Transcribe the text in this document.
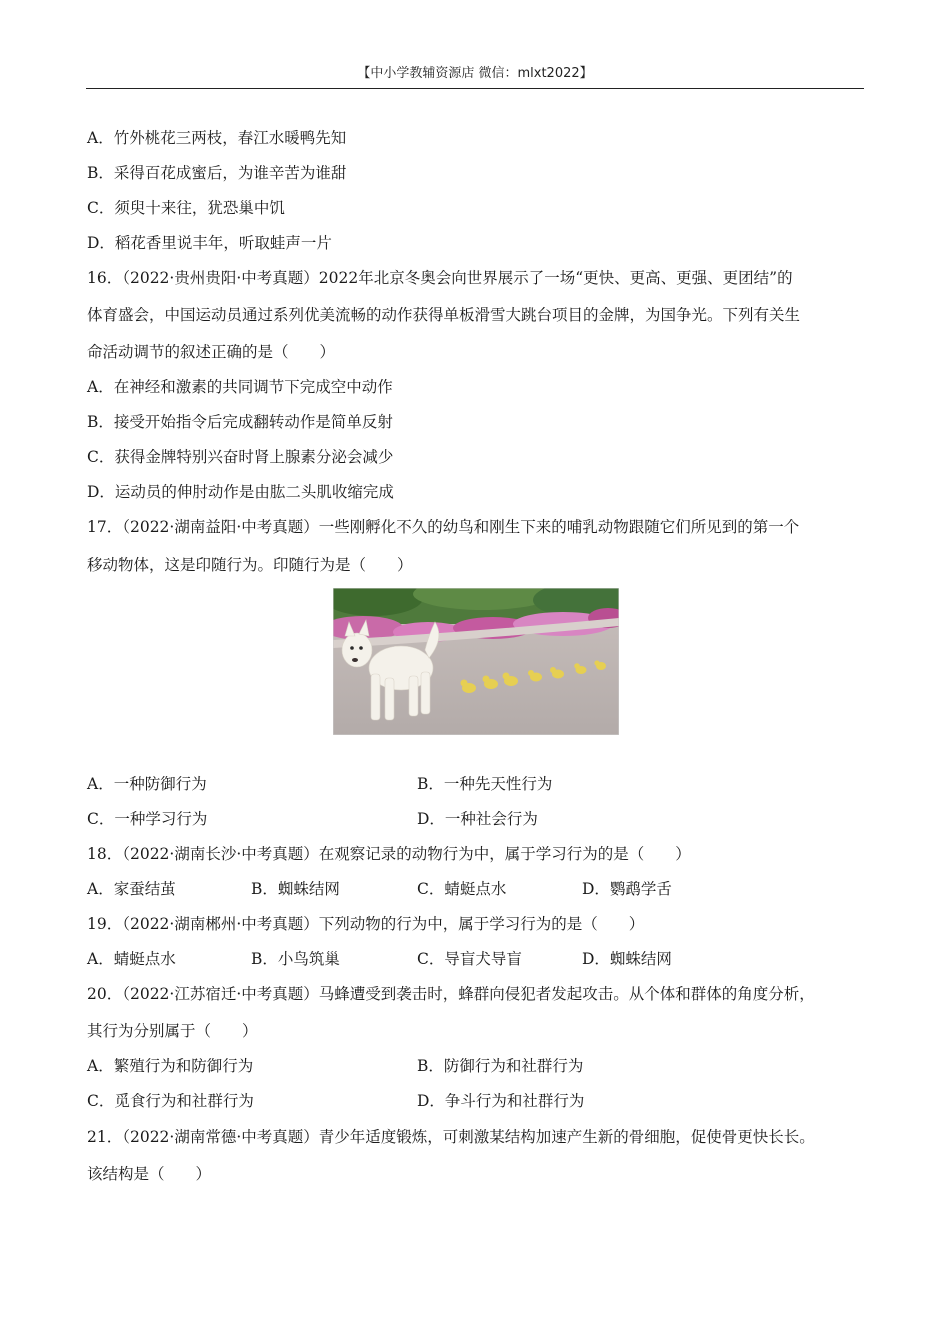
【中小学教辅资源店 微信：mlxt2022】
A．竹外桃花三两枝，春江水暖鸭先知
B．采得百花成蜜后，为谁辛苦为谁甜
C．须臾十来往，犹恐巢中饥
D．稻花香里说丰年，听取蛙声一片
16．（2022·贵州贵阳·中考真题）2022年北京冬奥会向世界展示了一场“更快、更高、更强、更团结”的
体育盛会，中国运动员通过系列优美流畅的动作获得单板滑雪大跳台项目的金牌，为国争光。下列有关生
命活动调节的叙述正确的是（　　）
A．在神经和激素的共同调节下完成空中动作
B．接受开始指令后完成翻转动作是简单反射
C．获得金牌特别兴奋时肾上腺素分泌会减少
D．运动员的伸肘动作是由肱二头肌收缩完成
17．（2022·湖南益阳·中考真题）一些刚孵化不久的幼鸟和刚生下来的哺乳动物跟随它们所见到的第一个
移动物体，这是印随行为。印随行为是（　　）
A．一种防御行为	B．一种先天性行为
C．一种学习行为	D．一种社会行为
18．（2022·湖南长沙·中考真题）在观察记录的动物行为中，属于学习行为的是（　　）
A．家蚕结茧	B．蜘蛛结网	C．蜻蜓点水	D．鹦鹉学舌
19．（2022·湖南郴州·中考真题）下列动物的行为中，属于学习行为的是（　　）
A．蜻蜓点水	B．小鸟筑巢	C．导盲犬导盲	D．蜘蛛结网
20．（2022·江苏宿迁·中考真题）马蜂遭受到袭击时，蜂群向侵犯者发起攻击。从个体和群体的角度分析，
其行为分别属于（　　）
A．繁殖行为和防御行为	B．防御行为和社群行为
C．觅食行为和社群行为	D．争斗行为和社群行为
21．（2022·湖南常德·中考真题）青少年适度锻炼，可刺激某结构加速产生新的骨细胞，促使骨更快长长。
该结构是（　　）
